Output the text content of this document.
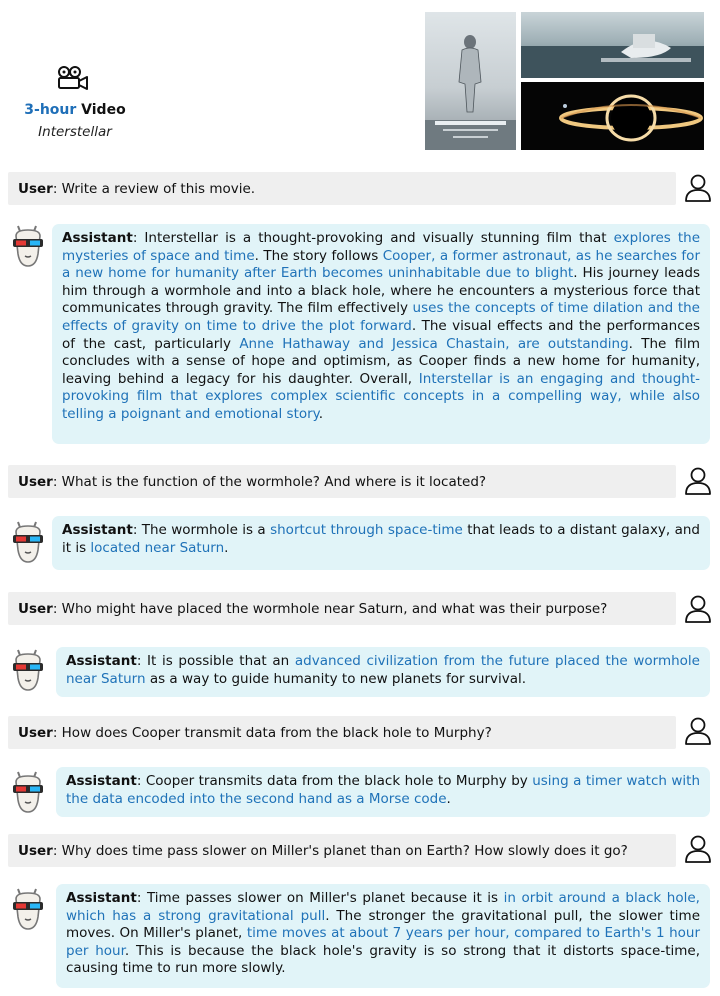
3-hour Video
Interstellar
User : Write a review of this movie.
Assistant: Interstellar is a thought-provoking and visually stunning film that explores the mysteries of space and time. The story follows Cooper, a former astronaut, as he searches for a new home for humanity after Earth becomes uninhabitable due to blight. His journey leads him through a wormhole and into a black hole, where he encounters a mysterious force that communicates through gravity. The film effectively uses the concepts of time dilation and the effects of gravity on time to drive the plot forward. The visual effects and the performances of the cast, particularly Anne Hathaway and Jessica Chastain, are outstanding. The film concludes with a sense of hope and optimism, as Cooper finds a new home for humanity, leaving behind a legacy for his daughter. Overall, Interstellar is an engaging and thought-provoking film that explores complex scientific concepts in a compelling way, while also telling a poignant and emotional story.
User : What is the function of the wormhole? And where is it located?
Assistant: The wormhole is a shortcut through space-time that leads to a distant galaxy, and it is located near Saturn.
User : Who might have placed the wormhole near Saturn, and what was their purpose?
Assistant: It is possible that an advanced civilization from the future placed the wormhole near Saturn as a way to guide humanity to new planets for survival.
User : How does Cooper transmit data from the black hole to Murphy?
Assistant: Cooper transmits data from the black hole to Murphy by using a timer watch with the data encoded into the second hand as a Morse code.
User : Why does time pass slower on Miller's planet than on Earth? How slowly does it go?
Assistant: Time passes slower on Miller's planet because it is in orbit around a black hole, which has a strong gravitational pull. The stronger the gravitational pull, the slower time moves. On Miller's planet, time moves at about 7 years per hour, compared to Earth's 1 hour per hour. This is because the black hole's gravity is so strong that it distorts space-time, causing time to run more slowly.
